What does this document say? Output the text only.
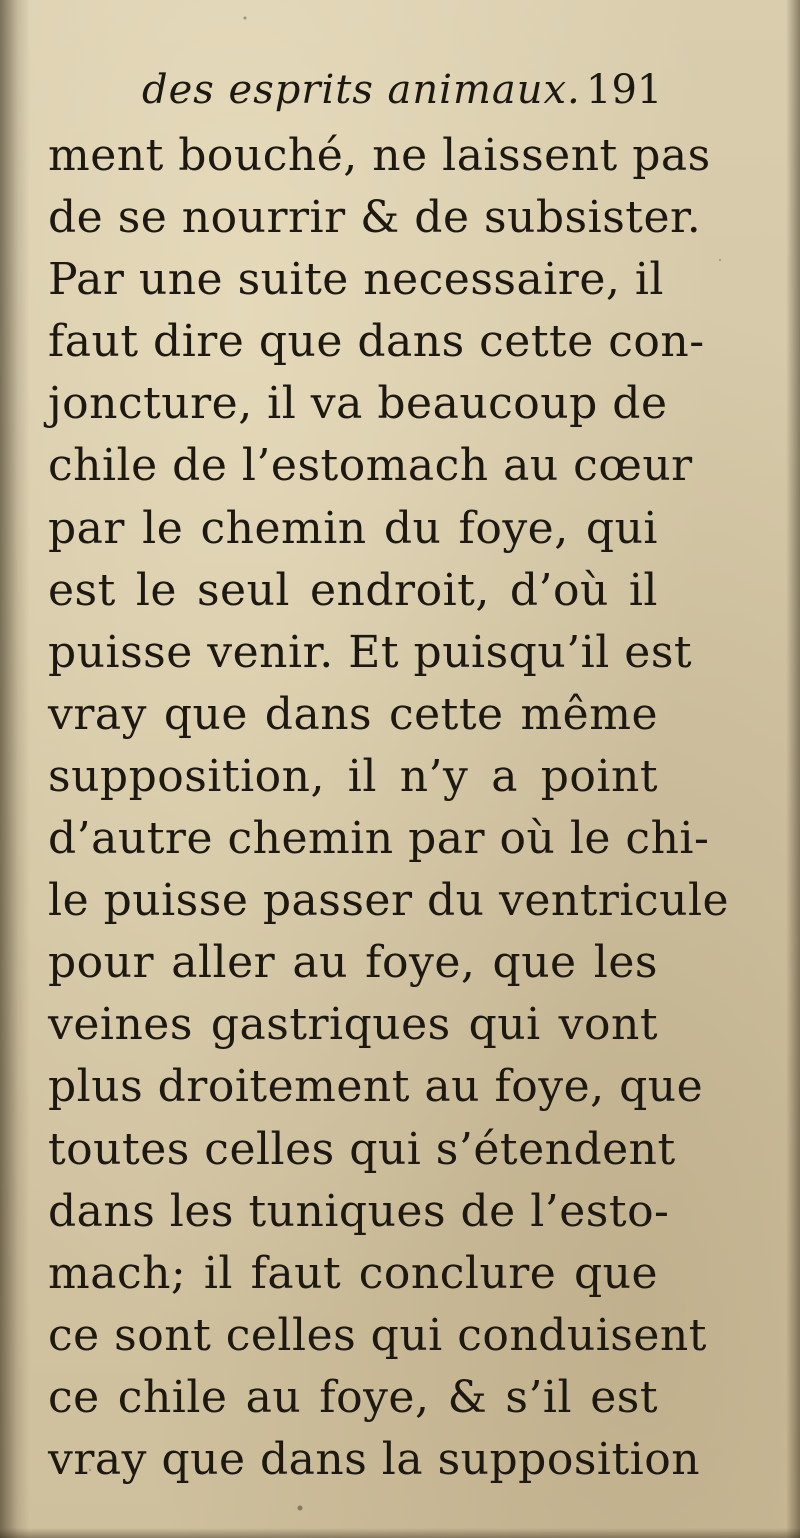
des esprits animaux. 191
ment bouché, ne laissent pas
de se nourrir & de subsister.
Par une suite necessaire, il
faut dire que dans cette con-
joncture, il va beaucoup de
chile de l’estomach au cœur
par le chemin du foye, qui
est le seul endroit, d’où il
puisse venir. Et puisqu’il est
vray que dans cette même
supposition, il n’y a point
d’autre chemin par où le chi-
le puisse passer du ventricule
pour aller au foye, que les
veines gastriques qui vont
plus droitement au foye, que
toutes celles qui s’étendent
dans les tuniques de l’esto-
mach; il faut conclure que
ce sont celles qui conduisent
ce chile au foye, & s’il est
vray que dans la supposition
